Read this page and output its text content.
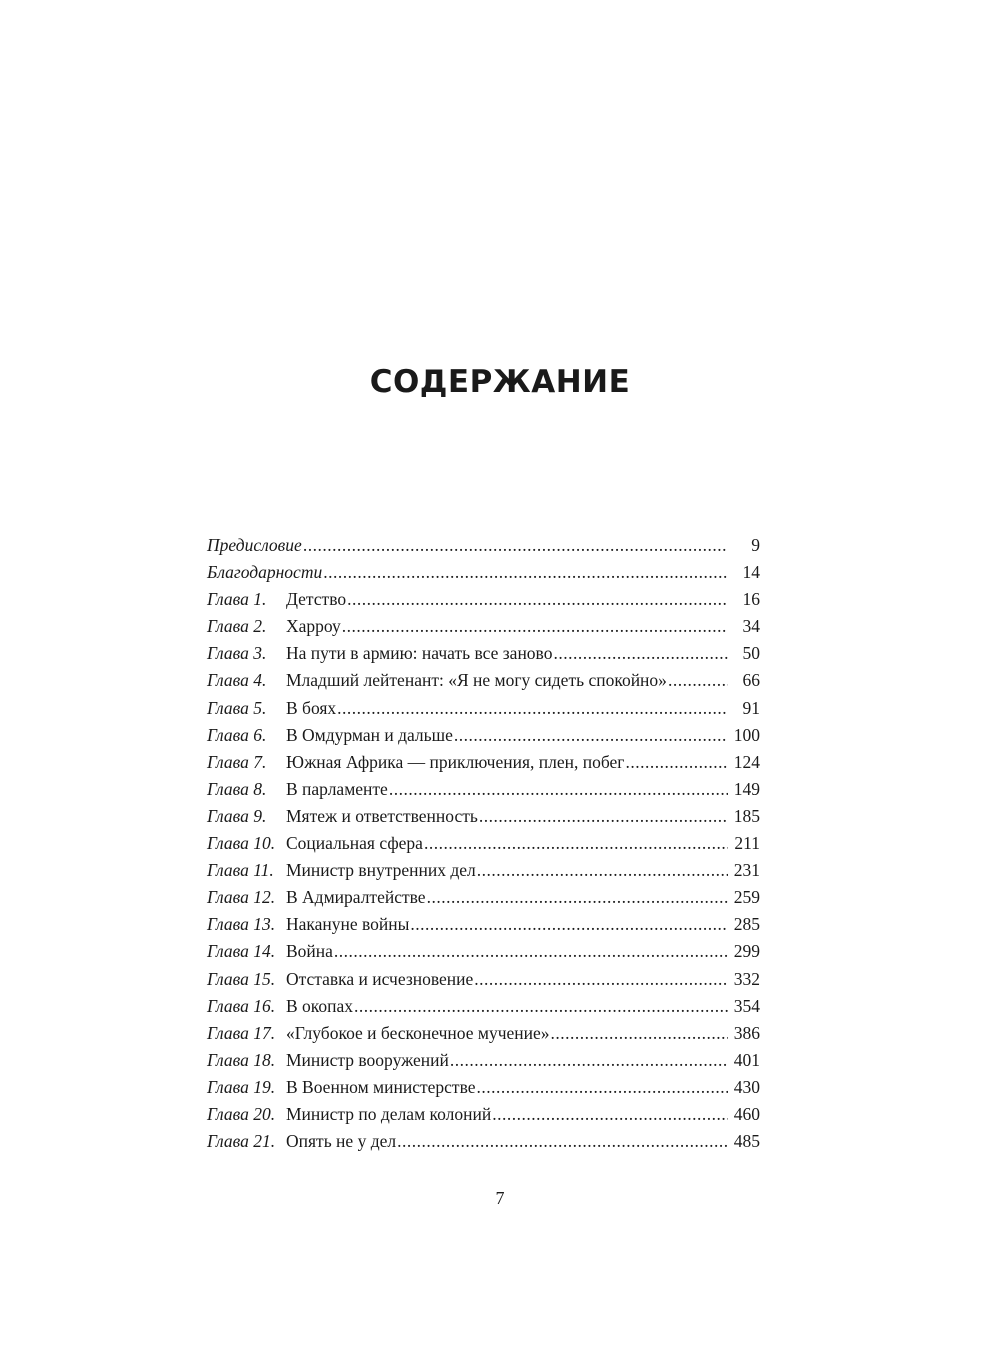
СОДЕРЖАНИЕ
Предисловие .....	9
Благодарности .....	14
Глава 1.	Детство .....	16
Глава 2.	Харроу .....	34
Глава 3.	На пути в армию: начать все заново .....	50
Глава 4.	Младший лейтенант: «Я не могу сидеть спокойно» .....	66
Глава 5.	В боях .....	91
Глава 6.	В Омдурман и дальше .....	100
Глава 7.	Южная Африка — приключения, плен, побег .....	124
Глава 8.	В парламенте .....	149
Глава 9.	Мятеж и ответственность .....	185
Глава 10. Социальная сфера .....	211
Глава 11. Министр внутренних дел .....	231
Глава 12. В Адмиралтействе .....	259
Глава 13. Накануне войны .....	285
Глава 14. Война .....	299
Глава 15. Отставка и исчезновение .....	332
Глава 16. В окопах .....	354
Глава 17. «Глубокое и бесконечное мучение» .....	386
Глава 18. Министр вооружений .....	401
Глава 19. В Военном министерстве .....	430
Глава 20. Министр по делам колоний .....	460
Глава 21. Опять не у дел .....	485
7
